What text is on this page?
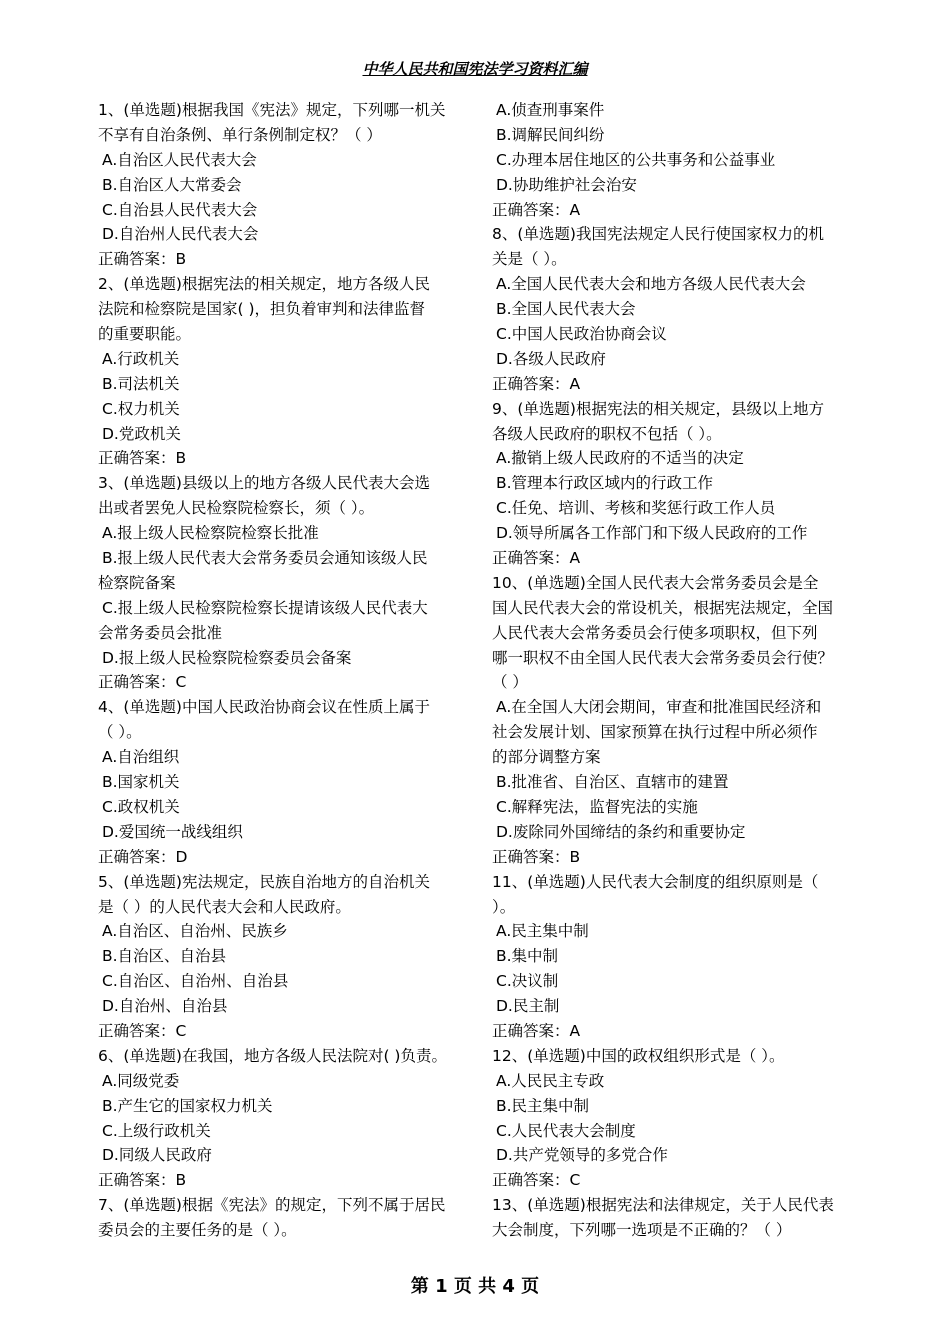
中华人民共和国宪法学习资料汇编
1、(单选题)根据我国《宪法》规定，下列哪一机关
不享有自治条例、单行条例制定权？（ ）
A.自治区人民代表大会
B.自治区人大常委会
C.自治县人民代表大会
D.自治州人民代表大会
正确答案：B
2、(单选题)根据宪法的相关规定，地方各级人民
法院和检察院是国家( )，担负着审判和法律监督
的重要职能。
A.行政机关
B.司法机关
C.权力机关
D.党政机关
正确答案：B
3、(单选题)县级以上的地方各级人民代表大会选
出或者罢免人民检察院检察长，须（ ）。
A.报上级人民检察院检察长批准
B.报上级人民代表大会常务委员会通知该级人民
检察院备案
C.报上级人民检察院检察长提请该级人民代表大
会常务委员会批准
D.报上级人民检察院检察委员会备案
正确答案：C
4、(单选题)中国人民政治协商会议在性质上属于
（ ）。
A.自治组织
B.国家机关
C.政权机关
D.爱国统一战线组织
正确答案：D
5、(单选题)宪法规定，民族自治地方的自治机关
是（ ）的人民代表大会和人民政府。
A.自治区、自治州、民族乡
B.自治区、自治县
C.自治区、自治州、自治县
D.自治州、自治县
正确答案：C
6、(单选题)在我国，地方各级人民法院对( )负责。
A.同级党委
B.产生它的国家权力机关
C.上级行政机关
D.同级人民政府
正确答案：B
7、(单选题)根据《宪法》的规定，下列不属于居民
委员会的主要任务的是（ ）。
A.侦查刑事案件
B.调解民间纠纷
C.办理本居住地区的公共事务和公益事业
D.协助维护社会治安
正确答案：A
8、(单选题)我国宪法规定人民行使国家权力的机
关是（ ）。
A.全国人民代表大会和地方各级人民代表大会
B.全国人民代表大会
C.中国人民政治协商会议
D.各级人民政府
正确答案：A
9、(单选题)根据宪法的相关规定，县级以上地方
各级人民政府的职权不包括（ ）。
A.撤销上级人民政府的不适当的决定
B.管理本行政区域内的行政工作
C.任免、培训、考核和奖惩行政工作人员
D.领导所属各工作部门和下级人民政府的工作
正确答案：A
10、(单选题)全国人民代表大会常务委员会是全
国人民代表大会的常设机关，根据宪法规定，全国
人民代表大会常务委员会行使多项职权，但下列
哪一职权不由全国人民代表大会常务委员会行使？
（ ）
A.在全国人大闭会期间，审查和批准国民经济和
社会发展计划、国家预算在执行过程中所必须作
的部分调整方案
B.批准省、自治区、直辖市的建置
C.解释宪法，监督宪法的实施
D.废除同外国缔结的条约和重要协定
正确答案：B
11、(单选题)人民代表大会制度的组织原则是（
）。
A.民主集中制
B.集中制
C.决议制
D.民主制
正确答案：A
12、(单选题)中国的政权组织形式是（ ）。
A.人民民主专政
B.民主集中制
C.人民代表大会制度
D.共产党领导的多党合作
正确答案：C
13、(单选题)根据宪法和法律规定，关于人民代表
大会制度，下列哪一选项是不正确的？（ ）
第 1 页 共 4 页
